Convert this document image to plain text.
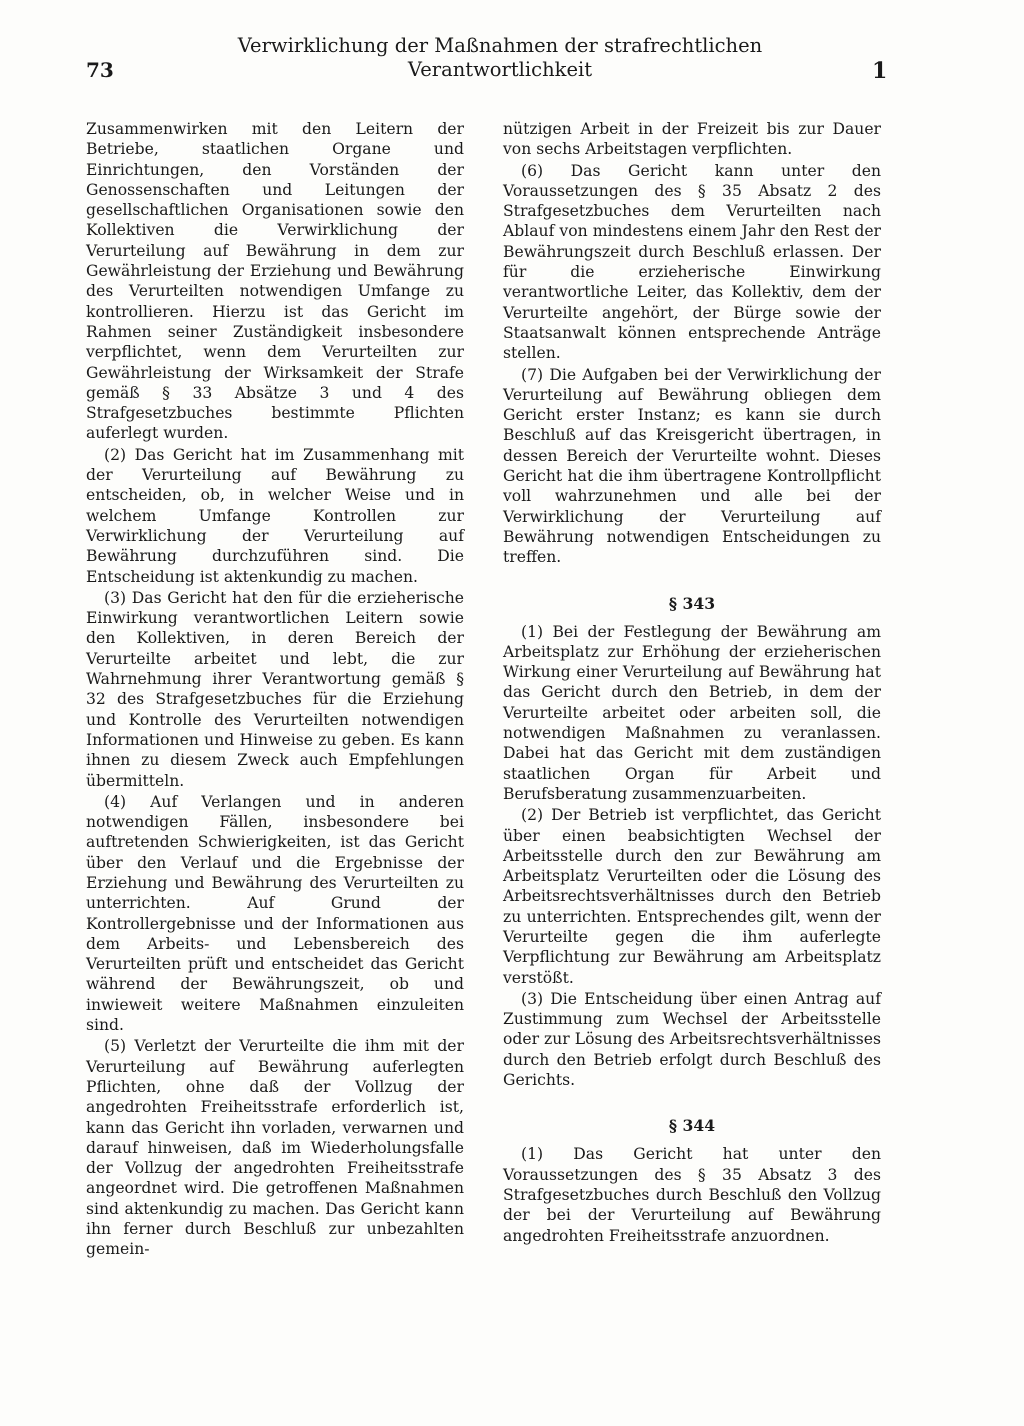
73
Verwirklichung der Maßnahmen der strafrechtlichen
Verantwortlichkeit	1

Zusammenwirken mit den Leitern der Betriebe, staatlichen Organe und Einrichtungen, den Vorständen der Genossenschaften und Leitungen der gesellschaftlichen Organisationen sowie den Kollektiven die Verwirklichung der Verurteilung auf Bewährung in dem zur Gewährleistung der Erziehung und Bewährung des Verurteilten notwendigen Umfange zu kontrollieren. Hierzu ist das Gericht im Rahmen seiner Zuständigkeit insbesondere verpflichtet, wenn dem Verurteilten zur Gewährleistung der Wirksamkeit der Strafe gemäß § 33 Absätze 3 und 4 des Strafgesetzbuches bestimmte Pflichten auferlegt wurden.

(2) Das Gericht hat im Zusammenhang mit der Verurteilung auf Bewährung zu entscheiden, ob, in welcher Weise und in welchem Umfange Kontrollen zur Verwirklichung der Verurteilung auf Bewährung durchzuführen sind. Die Entscheidung ist aktenkundig zu machen.

(3) Das Gericht hat den für die erzieherische Einwirkung verantwortlichen Leitern sowie den Kollektiven, in deren Bereich der Verurteilte arbeitet und lebt, die zur Wahrnehmung ihrer Verantwortung gemäß § 32 des Strafgesetzbuches für die Erziehung und Kontrolle des Verurteilten notwendigen Informationen und Hinweise zu geben. Es kann ihnen zu diesem Zweck auch Empfehlungen übermitteln.

(4) Auf Verlangen und in anderen notwendigen Fällen, insbesondere bei auftretenden Schwierigkeiten, ist das Gericht über den Verlauf und die Ergebnisse der Erziehung und Bewährung des Verurteilten zu unterrichten. Auf Grund der Kontrollergebnisse und der Informationen aus dem Arbeits- und Lebensbereich des Verurteilten prüft und entscheidet das Gericht während der Bewährungszeit, ob und inwieweit weitere Maßnahmen einzuleiten sind.

(5) Verletzt der Verurteilte die ihm mit der Verurteilung auf Bewährung auferlegten Pflichten, ohne daß der Vollzug der angedrohten Freiheitsstrafe erforderlich ist, kann das Gericht ihn vorladen, verwarnen und darauf hinweisen, daß im Wiederholungsfalle der Vollzug der angedrohten Freiheitsstrafe angeordnet wird. Die getroffenen Maßnahmen sind aktenkundig zu machen. Das Gericht kann ihn ferner durch Beschluß zur unbezahlten gemein-

nützigen Arbeit in der Freizeit bis zur Dauer von sechs Arbeitstagen verpflichten.

(6) Das Gericht kann unter den Voraussetzungen des § 35 Absatz 2 des Strafgesetzbuches dem Verurteilten nach Ablauf von mindestens einem Jahr den Rest der Bewährungszeit durch Beschluß erlassen. Der für die erzieherische Einwirkung verantwortliche Leiter, das Kollektiv, dem der Verurteilte angehört, der Bürge sowie der Staatsanwalt können entsprechende Anträge stellen.

(7) Die Aufgaben bei der Verwirklichung der Verurteilung auf Bewährung obliegen dem Gericht erster Instanz; es kann sie durch Beschluß auf das Kreisgericht übertragen, in dessen Bereich der Verurteilte wohnt. Dieses Gericht hat die ihm übertragene Kontrollpflicht voll wahrzunehmen und alle bei der Verwirklichung der Verurteilung auf Bewährung notwendigen Entscheidungen zu treffen.

§ 343

(1) Bei der Festlegung der Bewährung am Arbeitsplatz zur Erhöhung der erzieherischen Wirkung einer Verurteilung auf Bewährung hat das Gericht durch den Betrieb, in dem der Verurteilte arbeitet oder arbeiten soll, die notwendigen Maßnahmen zu veranlassen. Dabei hat das Gericht mit dem zuständigen staatlichen Organ für Arbeit und Berufsberatung zusammenzuarbeiten.

(2) Der Betrieb ist verpflichtet, das Gericht über einen beabsichtigten Wechsel der Arbeitsstelle durch den zur Bewährung am Arbeitsplatz Verurteilten oder die Lösung des Arbeitsrechtsverhältnisses durch den Betrieb zu unterrichten. Entsprechendes gilt, wenn der Verurteilte gegen die ihm auferlegte Verpflichtung zur Bewährung am Arbeitsplatz verstößt.

(3) Die Entscheidung über einen Antrag auf Zustimmung zum Wechsel der Arbeitsstelle oder zur Lösung des Arbeitsrechtsverhältnisses durch den Betrieb erfolgt durch Beschluß des Gerichts.

§ 344

(1) Das Gericht hat unter den Voraussetzungen des § 35 Absatz 3 des Strafgesetzbuches durch Beschluß den Vollzug der bei der Verurteilung auf Bewährung angedrohten Freiheitsstrafe anzuordnen.
